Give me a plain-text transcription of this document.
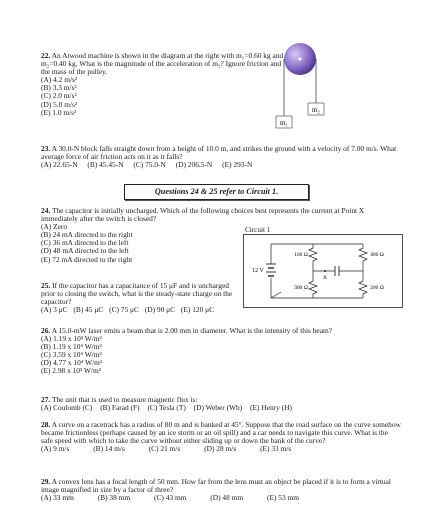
22. An Atwood machine is shown in the diagram at the right with m₁=0.60 kg and m₂=0.40 kg. What is the magnitude of the acceleration of m₂? Ignore friction and the mass of the pulley.
(A) 4.2 m/s²
(B) 3.3 m/s²
(C) 2.0 m/s²
(D) 5.0 m/s²
(E) 1.0 m/s²
m₁
m₂
23. A 30.0-N block falls straight down from a height of 10.0 m, and strikes the ground with a velocity of 7.00 m/s. What average force of air friction acts on it as it falls?
(A) 22.65-N (B) 45.45-N (C) 75.0-N (D) 206.5-N (E) 293-N
Questions 24 & 25 refer to Circuit 1.
24. The capacitor is initially uncharged. Which of the following choices best represents the current at Point X immediately after the switch is closed?
(A) Zero
(B) 24 mA directed to the right
(C) 36 mA directed to the left
(D) 48 mA directed to the left
(E) 72 mA directed to the right
Circuit 1
12 V
X
100 Ω	400 Ω
300 Ω	200 Ω
25. If the capacitor has a capacitance of 15 μF and is uncharged prior to closing the switch, what is the steady-state charge on the capacitor?
(A) 3 μC (B) 45 μC (C) 75 μC (D) 90 μC (E) 120 μC
26. A 15.0-mW laser emits a beam that is 2.00 mm in diameter. What is the intensity of this beam?
(A) 1.19 x 10³ W/m²
(B) 1.19 x 10⁴ W/m²
(C) 3.59 x 10⁴ W/m²
(D) 4.77 x 10⁴ W/m²
(E) 2.98 x 10³ W/m²
27. The unit that is used to measure magnetic flux is:
(A) Coulomb (C) (B) Farad (F) (C) Tesla (T) (D) Weber (Wb) (E) Henry (H)
28. A curve on a racetrack has a radius of 80 m and is banked at 45°. Suppose that the road surface on the curve somehow became frictionless (perhaps caused by an ice storm or an oil spill) and a car needs to navigate this curve. What is the safe speed with which to take the curve without either sliding up or down the bank of the curve?
(A) 9 m/s	(B) 14 m/s	(C) 21 m/s	(D) 28 m/s	(E) 33 m/s
29. A convex lens has a focal length of 50 mm. How far from the lens must an object be placed if it is to form a virtual image magnified in size by a factor of three?
(A) 33 mm	(B) 38 mm	(C) 43 mm	(D) 48 mm	(E) 53 mm
